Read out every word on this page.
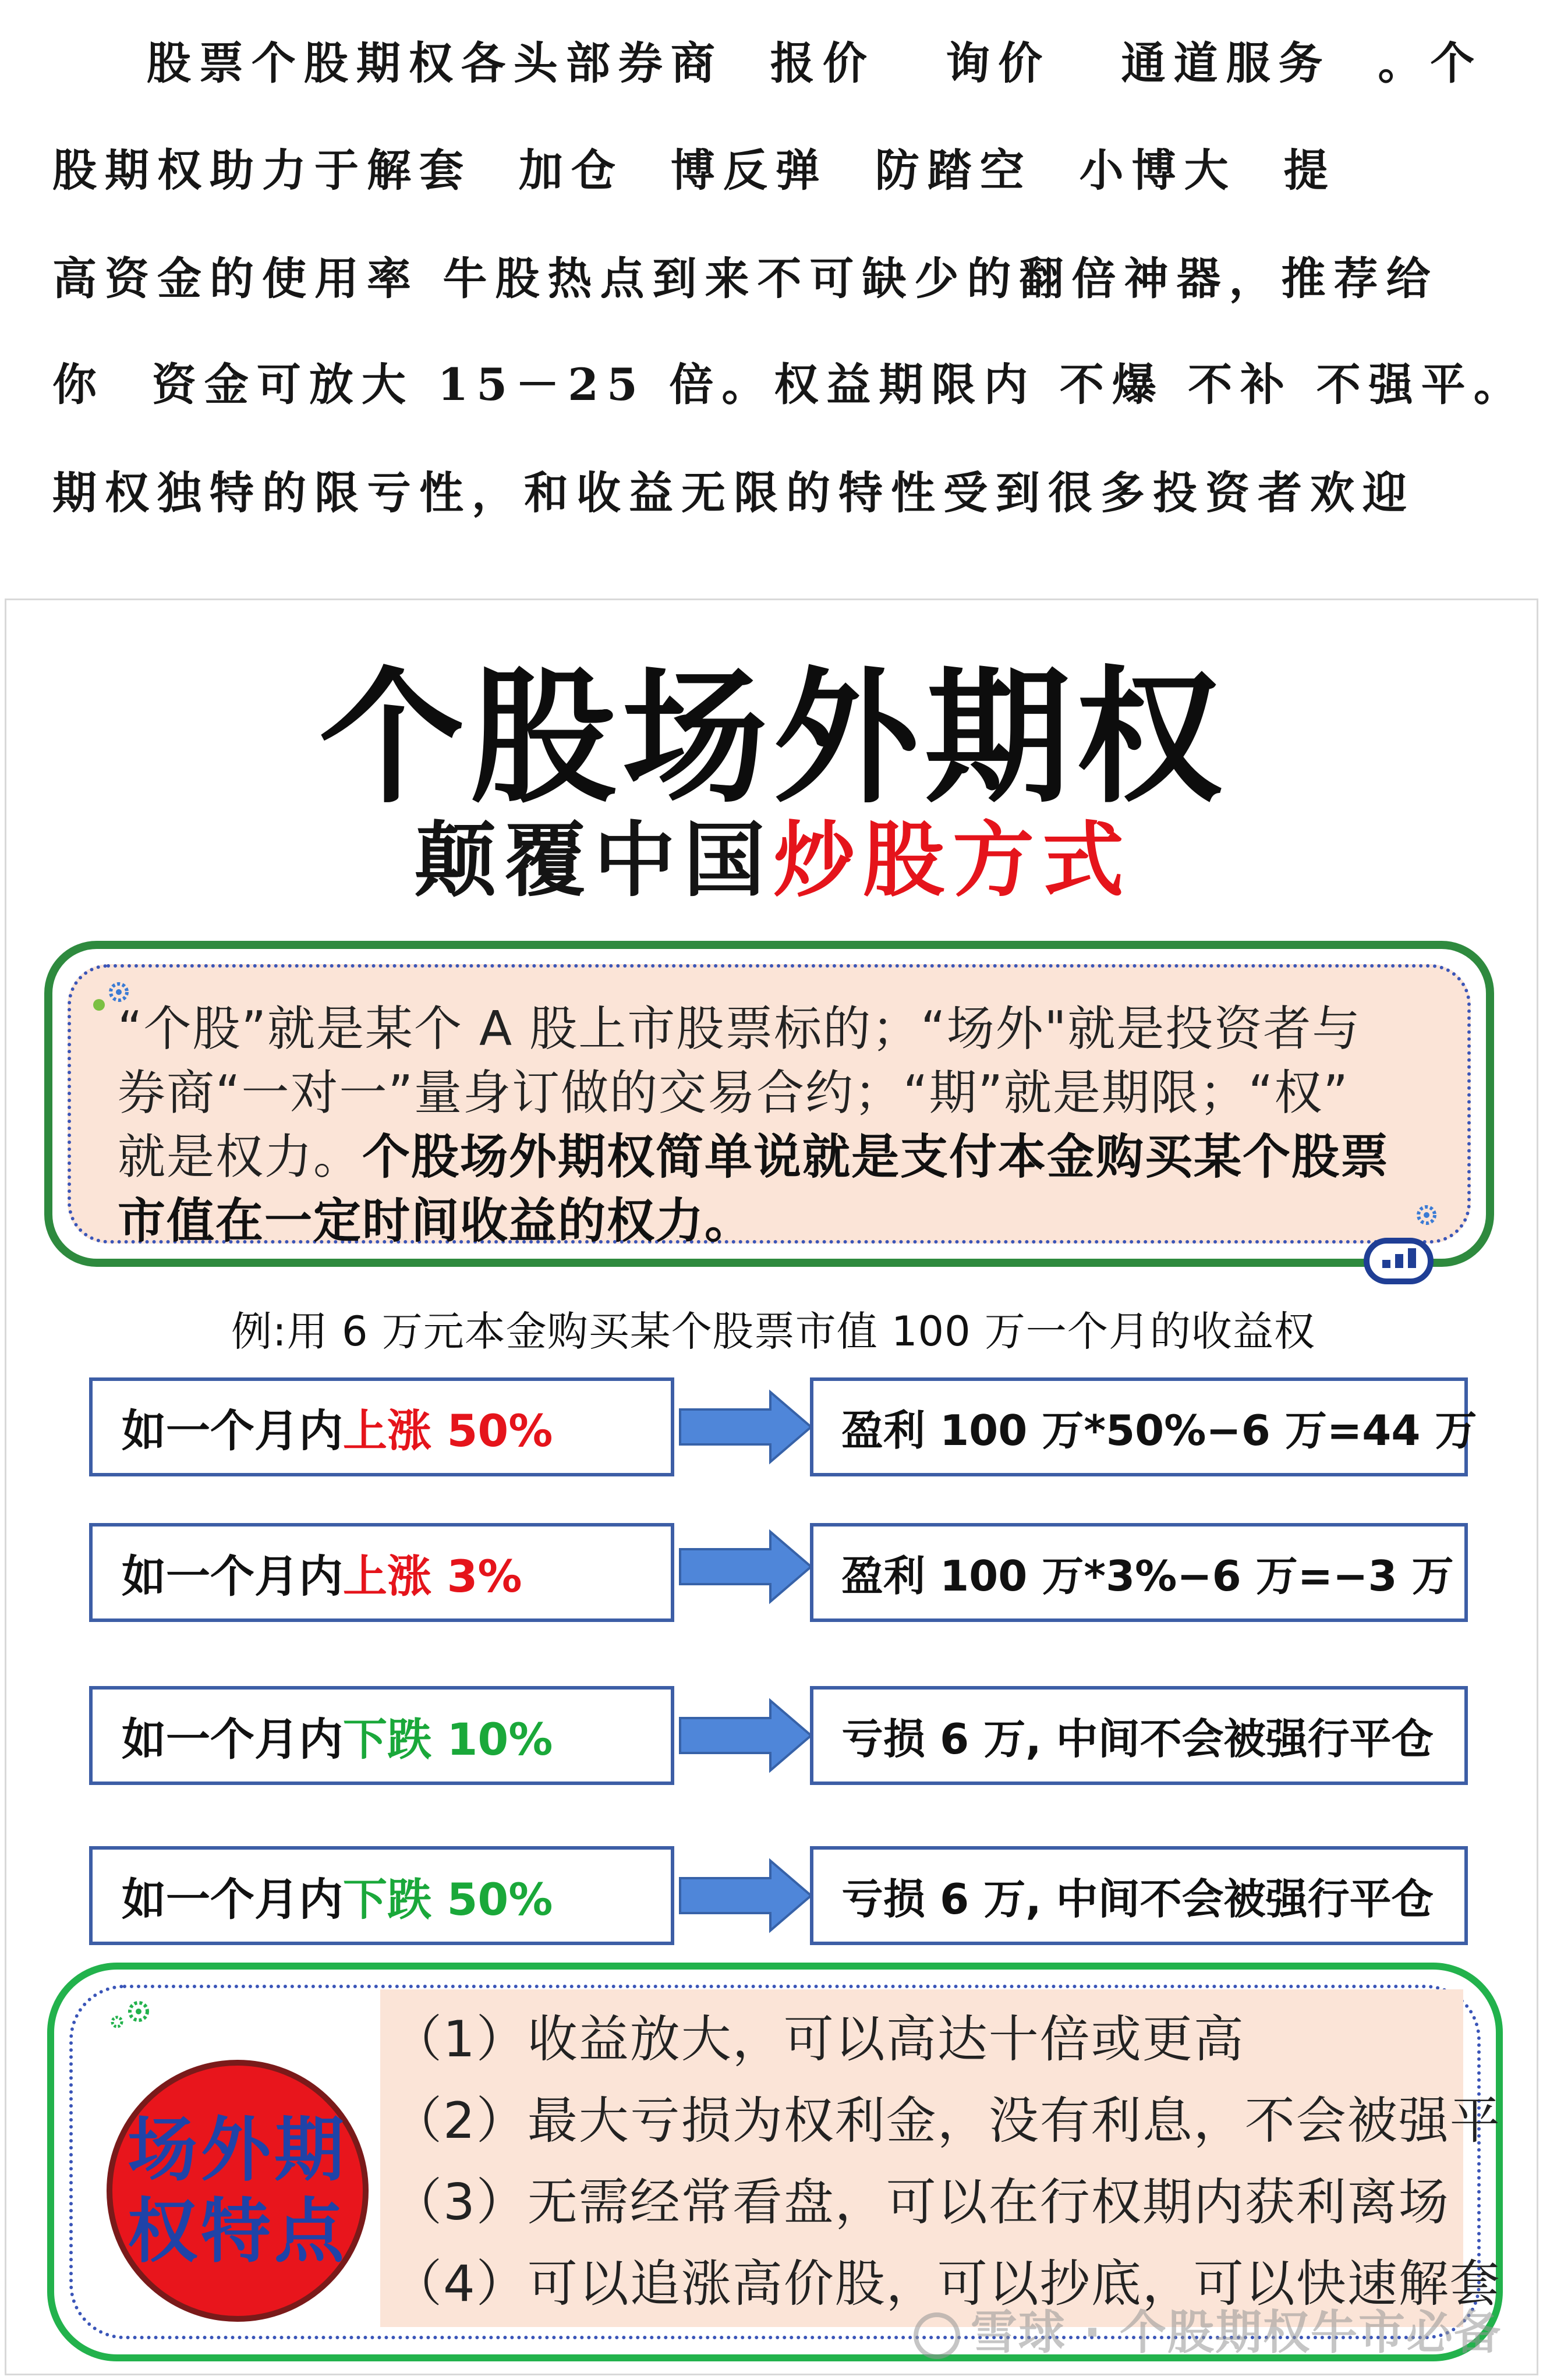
股票个股期权各头部券商  报价   询价   通道服务  。个
股期权助力于解套  加仓  博反弹  防踏空  小博大  提
高资金的使用率 牛股热点到来不可缺少的翻倍神器，推荐给
你  资金可放大 15－25 倍。权益期限内 不爆 不补 不强平。
期权独特的限亏性，和收益无限的特性受到很多投资者欢迎
个股场外期权
颠覆中国炒股方式
“个股”就是某个 A 股上市股票标的；“场外"就是投资者与
券商“一对一”量身订做的交易合约；“期”就是期限；“权”
就是权力。个股场外期权简单说就是支付本金购买某个股票
市值在一定时间收益的权力。
例:用 6 万元本金购买某个股票市值 100 万一个月的收益权
如一个月内 上涨 50%	盈利 100 万*50%−6 万=44 万
如一个月内 上涨 3%	盈利 100 万*3%−6 万=−3 万
如一个月内 下跌 10%	亏损 6 万, 中间不会被强行平仓
如一个月内 下跌 50%	亏损 6 万, 中间不会被强行平仓
场外期
权特点
（1）收益放大，可以高达十倍或更高
（2）最大亏损为权利金，没有利息，不会被强平
（3）无需经常看盘，可以在行权期内获利离场
（4）可以追涨高价股，可以抄底，可以快速解套
雪球 · 个股期权牛市必备
